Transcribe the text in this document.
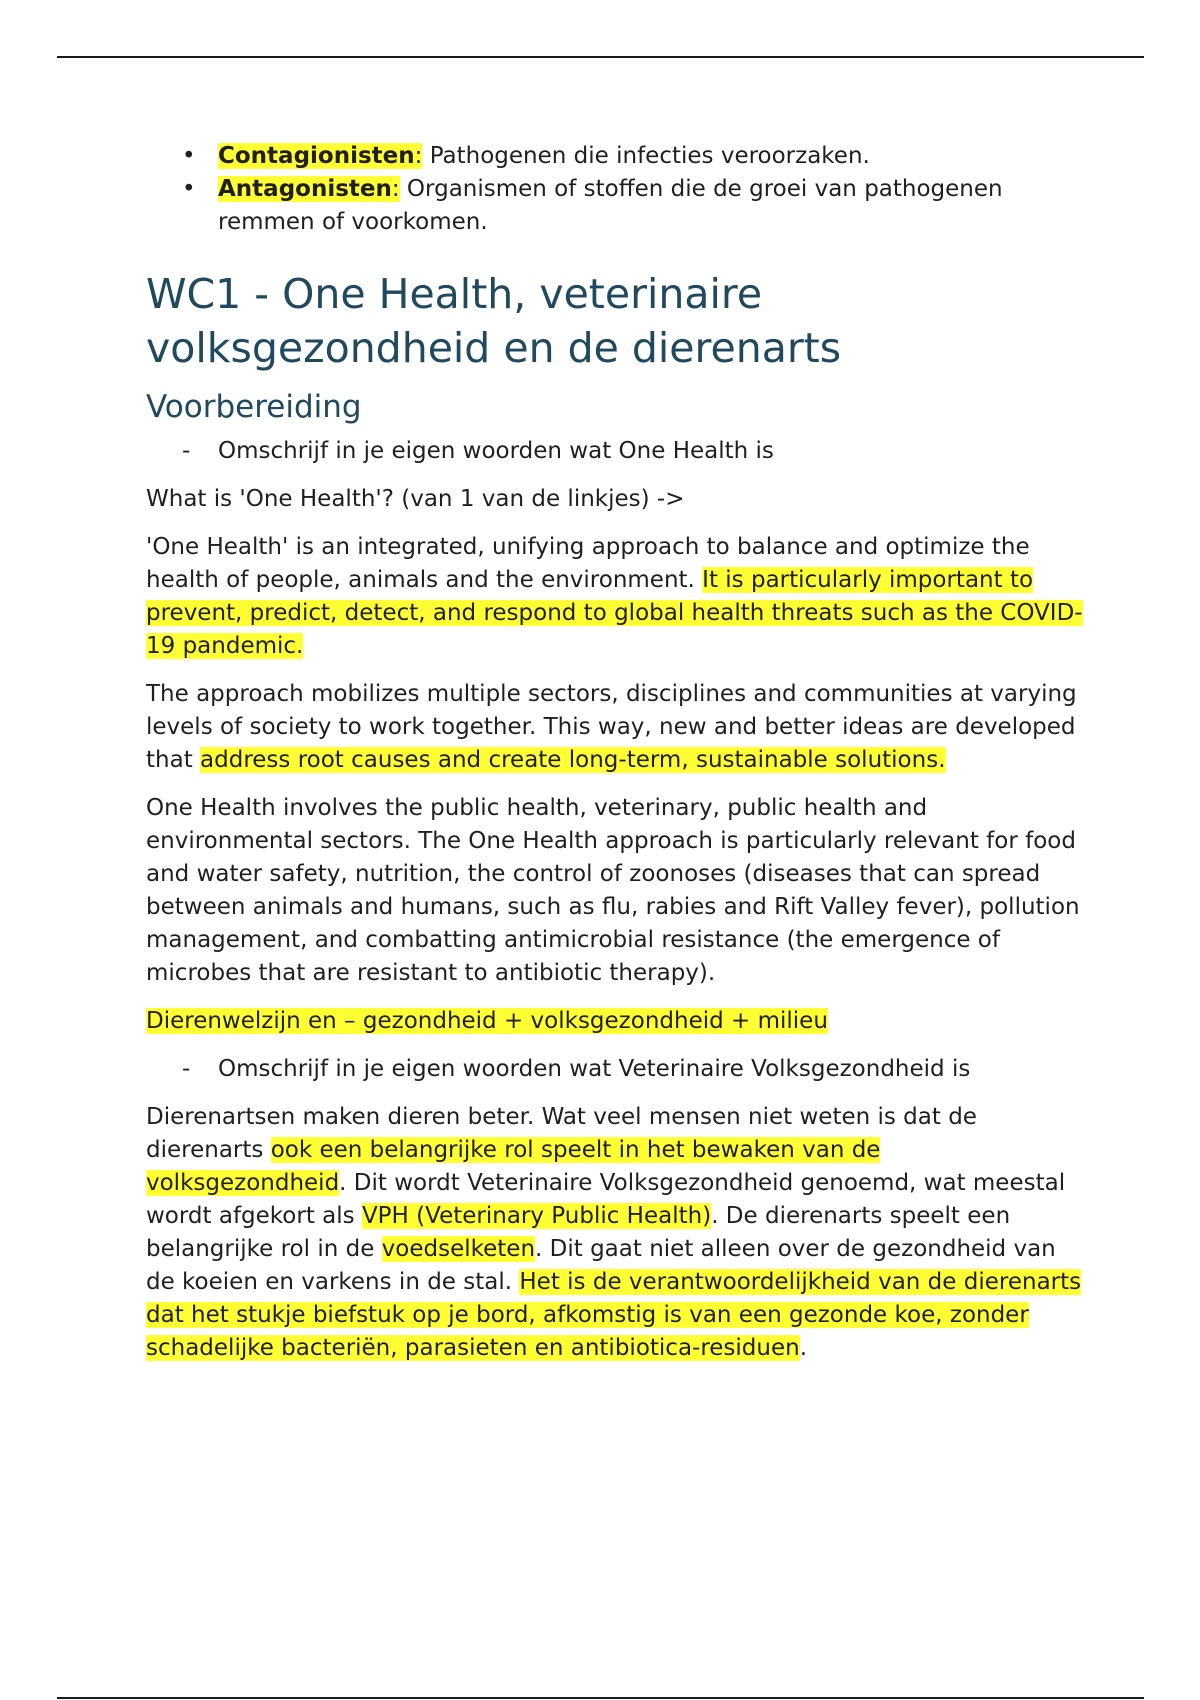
• Contagionisten: Pathogenen die infecties veroorzaken.
• Antagonisten: Organismen of stoffen die de groei van pathogenen remmen of voorkomen.
WC1 - One Health, veterinaire
volksgezondheid en de dierenarts
Voorbereiding
- Omschrijf in je eigen woorden wat One Health is

What is 'One Health'? (van 1 van de linkjes) ->

'One Health' is an integrated, unifying approach to balance and optimize the health of people, animals and the environment. It is particularly important to prevent, predict, detect, and respond to global health threats such as the COVID-19 pandemic.

The approach mobilizes multiple sectors, disciplines and communities at varying levels of society to work together. This way, new and better ideas are developed that address root causes and create long-term, sustainable solutions.

One Health involves the public health, veterinary, public health and environmental sectors. The One Health approach is particularly relevant for food and water safety, nutrition, the control of zoonoses (diseases that can spread between animals and humans, such as flu, rabies and Rift Valley fever), pollution management, and combatting antimicrobial resistance (the emergence of microbes that are resistant to antibiotic therapy).

Dierenwelzijn en – gezondheid + volksgezondheid + milieu

- Omschrijf in je eigen woorden wat Veterinaire Volksgezondheid is

Dierenartsen maken dieren beter. Wat veel mensen niet weten is dat de dierenarts ook een belangrijke rol speelt in het bewaken van de volksgezondheid. Dit wordt Veterinaire Volksgezondheid genoemd, wat meestal wordt afgekort als VPH (Veterinary Public Health). De dierenarts speelt een belangrijke rol in de voedselketen. Dit gaat niet alleen over de gezondheid van de koeien en varkens in de stal. Het is de verantwoordelijkheid van de dierenarts dat het stukje biefstuk op je bord, afkomstig is van een gezonde koe, zonder schadelijke bacteriën, parasieten en antibiotica-residuen.
